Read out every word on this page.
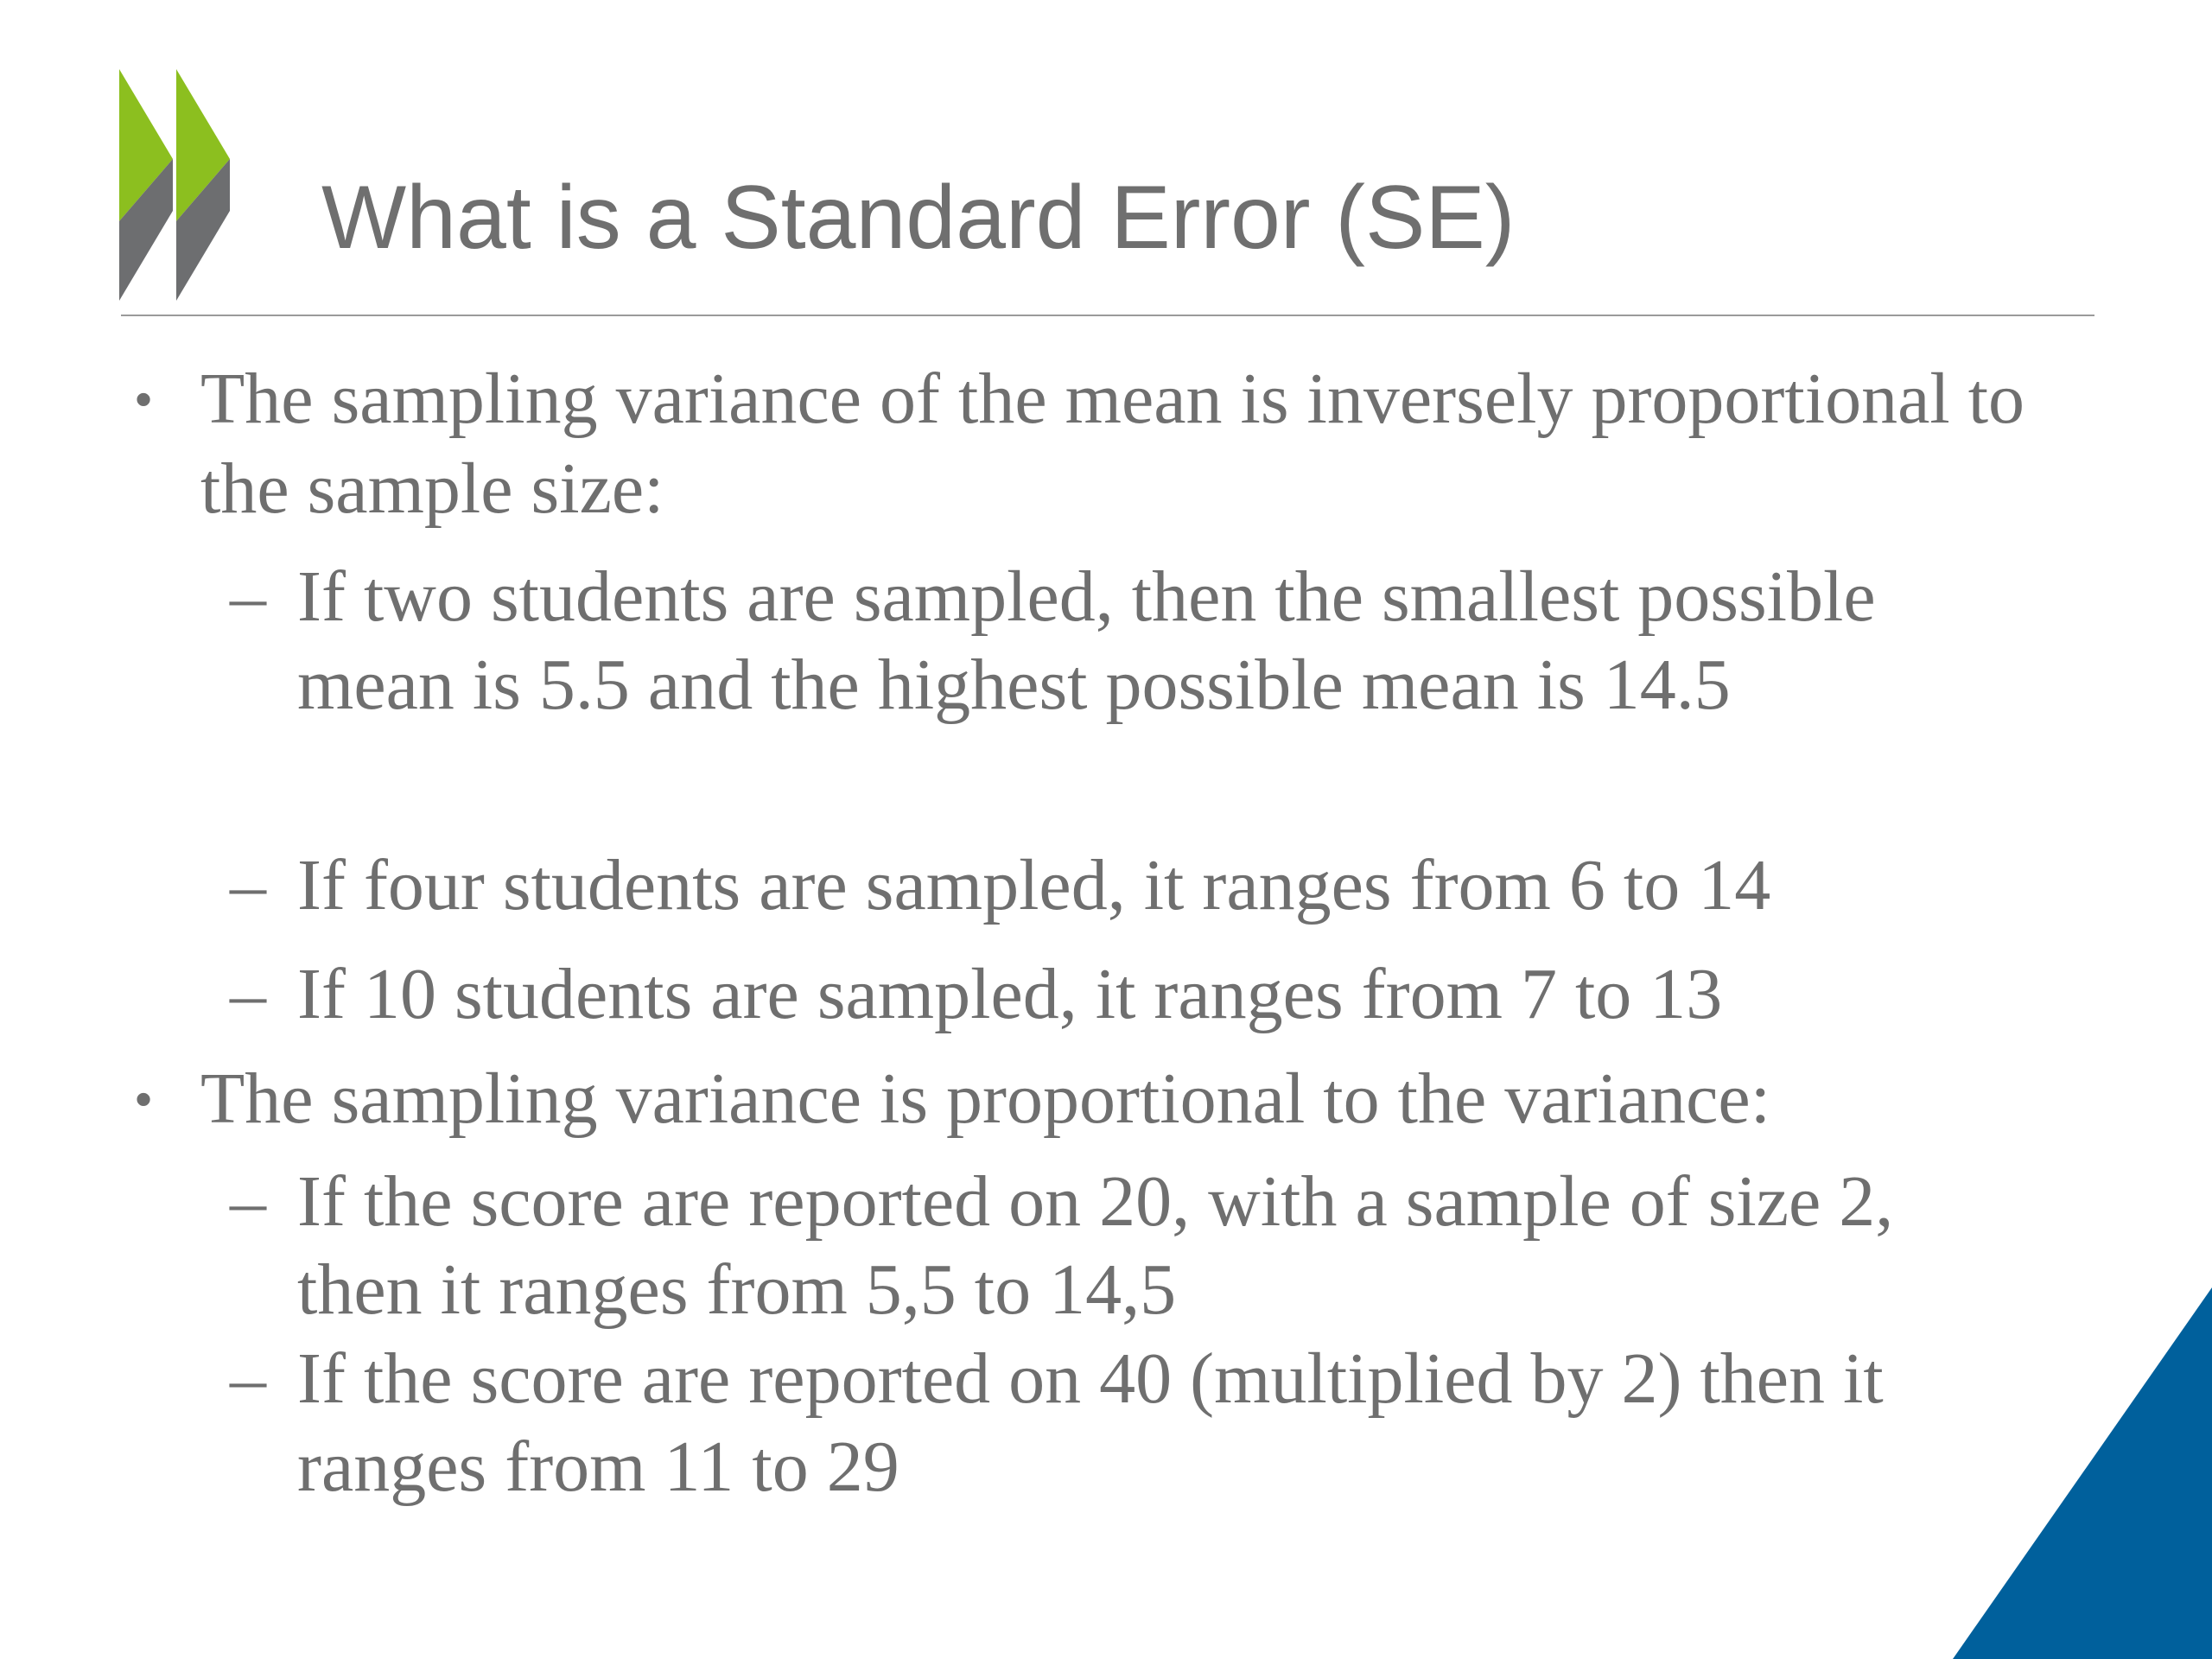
What is a Standard Error (SE)

• The sampling variance of the mean is inversely proportional to the sample size:

– If two students are sampled, then the smallest possible mean is 5.5 and the highest possible mean is 14.5

– If four students are sampled, it ranges from 6 to 14

– If 10 students are sampled, it ranges from 7 to 13

• The sampling variance is proportional to the variance:

– If the score are reported on 20, with a sample of size 2, then it ranges from 5,5 to 14,5

– If the score are reported on 40 (multiplied by 2) then it ranges from 11 to 29
